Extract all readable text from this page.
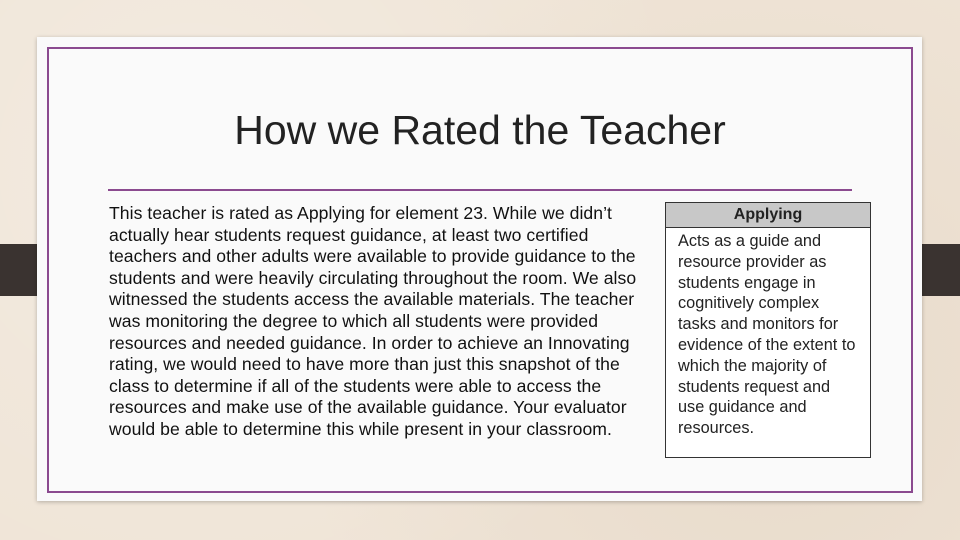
How we Rated the Teacher

This teacher is rated as Applying for element 23. While we didn’t actually hear students request guidance, at least two certified teachers and other adults were available to provide guidance to the students and were heavily circulating throughout the room. We also witnessed the students access the available materials. The teacher was monitoring the degree to which all students were provided resources and needed guidance. In order to achieve an Innovating rating, we would need to have more than just this snapshot of the class to determine if all of the students were able to access the resources and make use of the available guidance. Your evaluator would be able to determine this while present in your classroom.

Applying
Acts as a guide and resource provider as students engage in cognitively complex tasks and monitors for evidence of the extent to which the majority of students request and use guidance and resources.
